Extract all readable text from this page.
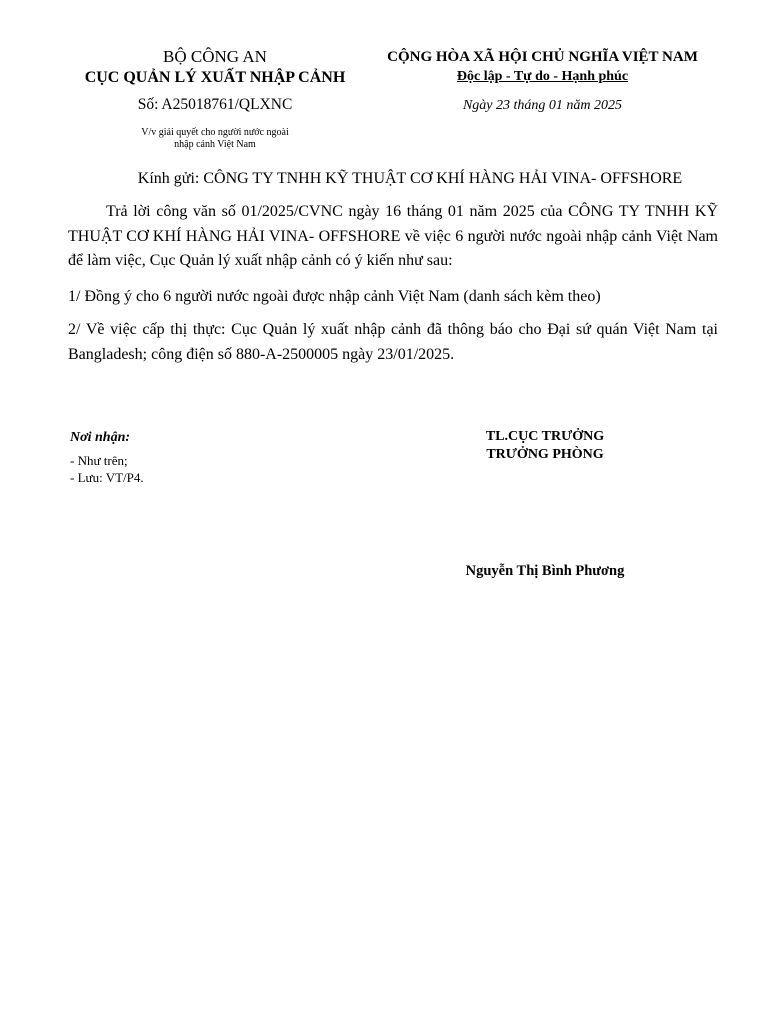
BỘ CÔNG AN
CỤC QUẢN LÝ XUẤT NHẬP CẢNH
Số: A25018761/QLXNC
V/v giải quyết cho người nước ngoài
nhập cảnh Việt Nam
CỘNG HÒA XÃ HỘI CHỦ NGHĨA VIỆT NAM
Độc lập - Tự do - Hạnh phúc
Ngày 23 tháng 01 năm 2025
Kính gửi: CÔNG TY TNHH KỸ THUẬT CƠ KHÍ HÀNG HẢI VINA- OFFSHORE
Trả lời công văn số 01/2025/CVNC ngày 16 tháng 01 năm 2025 của CÔNG TY TNHH KỸ THUẬT CƠ KHÍ HÀNG HẢI VINA- OFFSHORE về việc 6 người nước ngoài nhập cảnh Việt Nam để làm việc, Cục Quản lý xuất nhập cảnh có ý kiến như sau:
1/ Đồng ý cho 6 người nước ngoài được nhập cảnh Việt Nam (danh sách kèm theo)
2/ Về việc cấp thị thực: Cục Quản lý xuất nhập cảnh đã thông báo cho Đại sứ quán Việt Nam tại Bangladesh; công điện số 880-A-2500005 ngày 23/01/2025.
Nơi nhận:
- Như trên;
- Lưu: VT/P4.
TL.CỤC TRƯỞNG
TRƯỞNG PHÒNG
Nguyễn Thị Bình Phương
